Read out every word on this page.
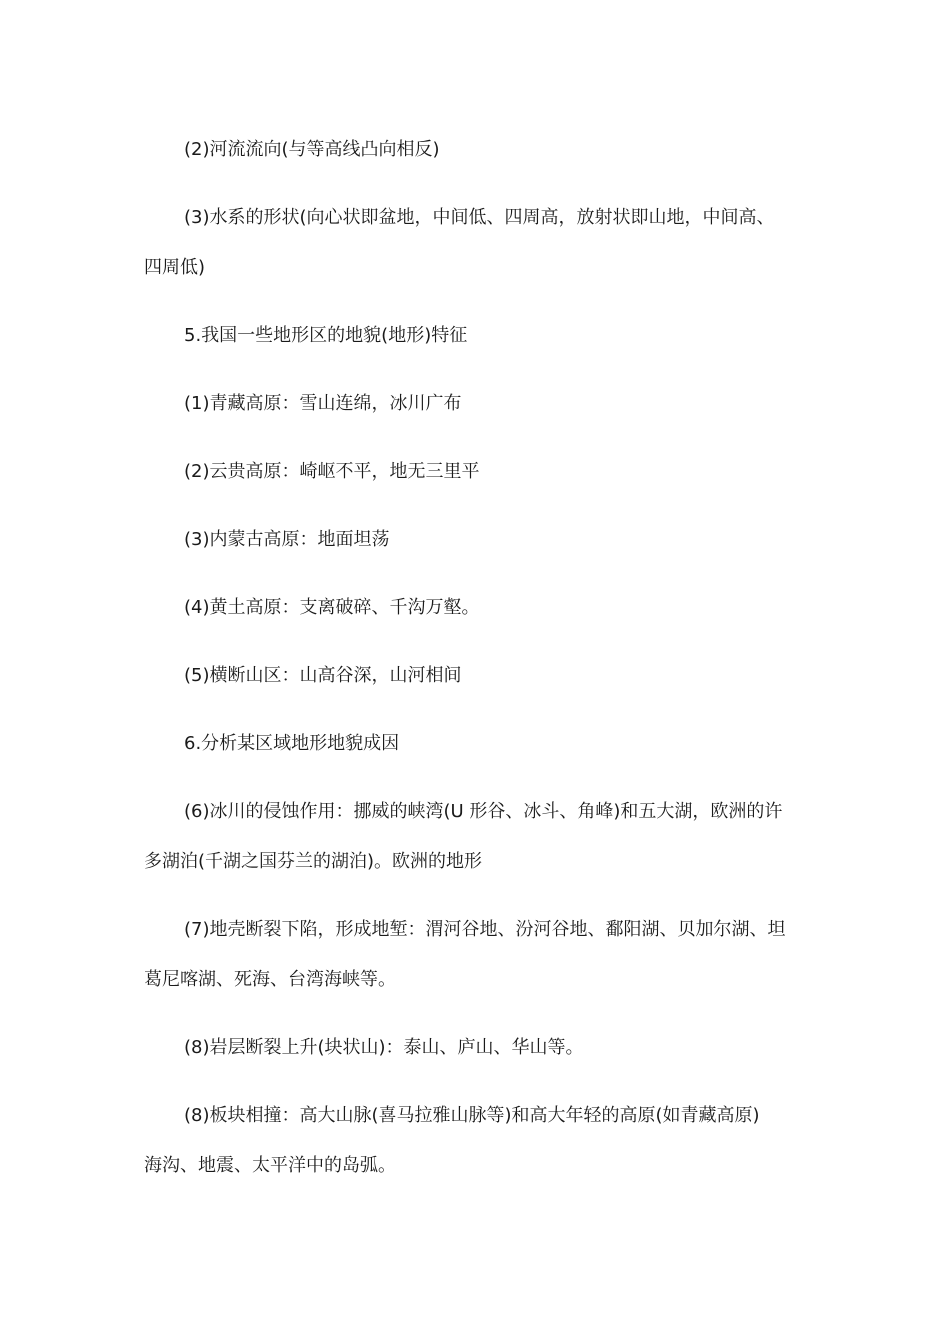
(2)河流流向(与等高线凸向相反)
(3)水系的形状(向心状即盆地，中间低、四周高，放射状即山地，中间高、
四周低)
5.我国一些地形区的地貌(地形)特征
(1)青藏高原：雪山连绵，冰川广布
(2)云贵高原：崎岖不平，地无三里平
(3)内蒙古高原：地面坦荡
(4)黄土高原：支离破碎、千沟万壑。
(5)横断山区：山高谷深，山河相间
6.分析某区域地形地貌成因
(6)冰川的侵蚀作用：挪威的峡湾(U 形谷、冰斗、角峰)和五大湖，欧洲的许
多湖泊(千湖之国芬兰的湖泊)。欧洲的地形
(7)地壳断裂下陷，形成地堑：渭河谷地、汾河谷地、鄱阳湖、贝加尔湖、坦
葛尼喀湖、死海、台湾海峡等。
(8)岩层断裂上升(块状山)：泰山、庐山、华山等。
(8)板块相撞：高大山脉(喜马拉雅山脉等)和高大年轻的高原(如青藏高原)
海沟、地震、太平洋中的岛弧。
